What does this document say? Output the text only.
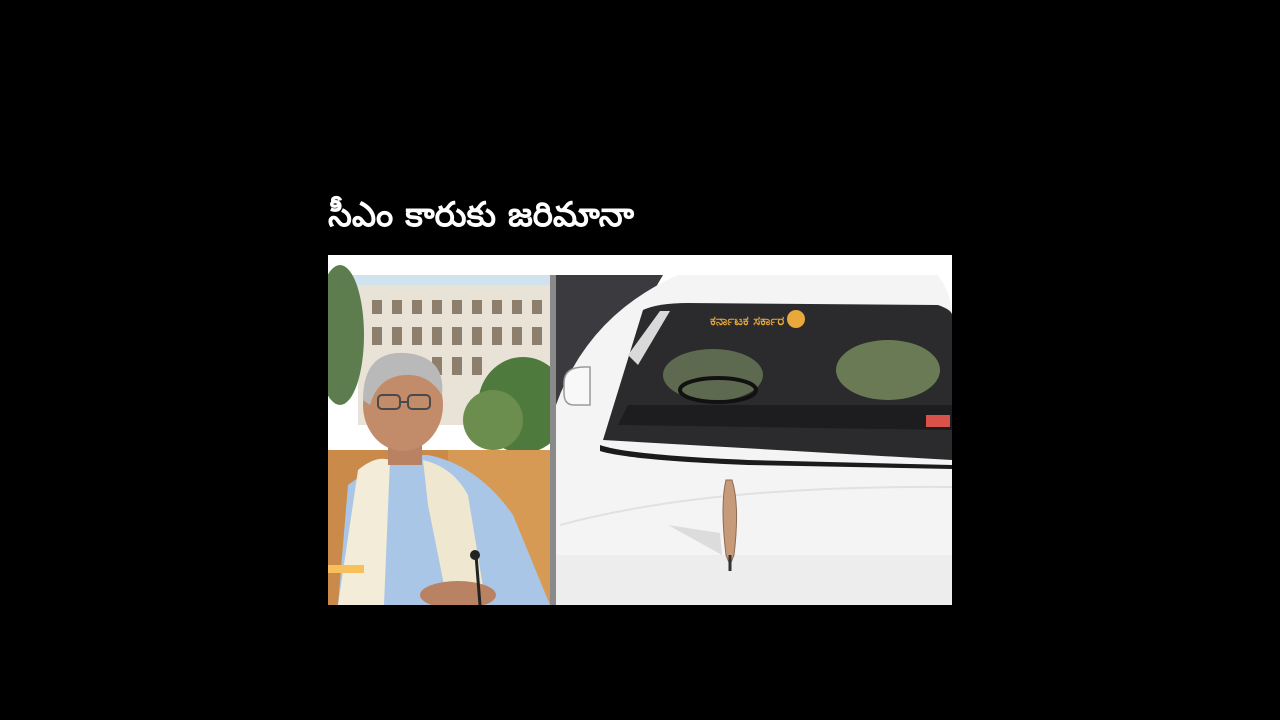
సీఎం కారుకు జరిమానా
ಕರ್ನಾಟಕ ಸರ್ಕಾರ
